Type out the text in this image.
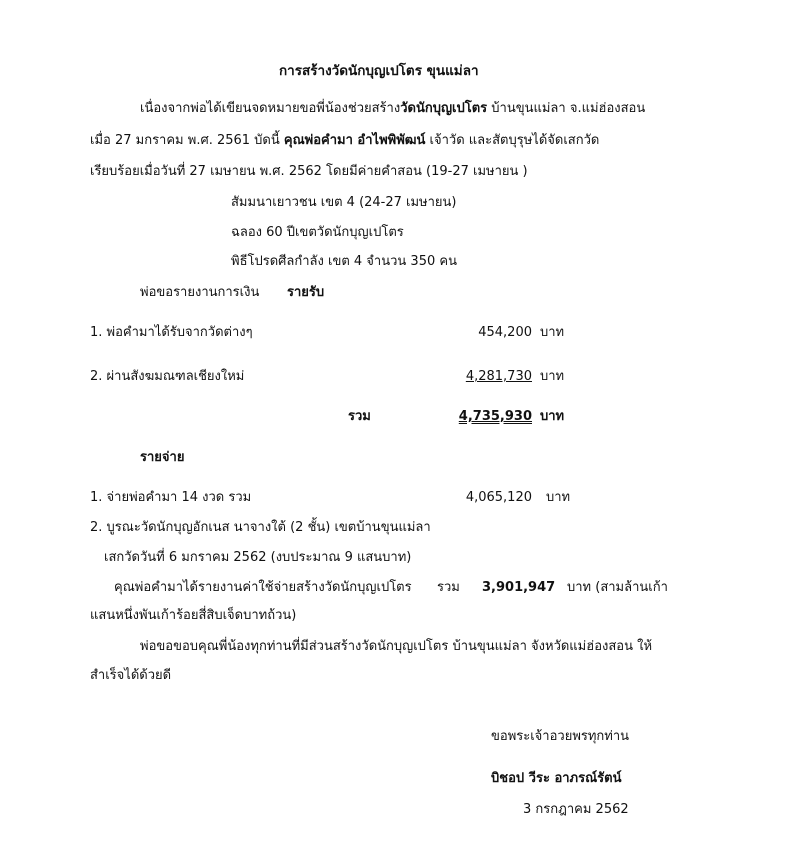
การสร้างวัดนักบุญเปโตร ขุนแม่ลา
เนื่องจากพ่อได้เขียนจดหมายขอพี่น้องช่วยสร้างวัดนักบุญเปโตร บ้านขุนแม่ลา จ.แม่ฮ่องสอน
เมื่อ 27 มกราคม พ.ศ. 2561 บัดนี้ คุณพ่อคำมา อำไพพิพัฒน์ เจ้าวัด และสัตบุรุษได้จัดเสกวัด
เรียบร้อยเมื่อวันที่ 27 เมษายน พ.ศ. 2562 โดยมีค่ายคำสอน (19-27 เมษายน )
สัมมนาเยาวชน เขต 4 (24-27 เมษายน)
ฉลอง 60 ปีเขตวัดนักบุญเปโตร
พิธีโปรดศีลกำลัง เขต 4 จำนวน 350 คน
พ่อขอรายงานการเงิน รายรับ
1. พ่อคำมาได้รับจากวัดต่างๆ	454,200 บาท
2. ผ่านสังฆมณฑลเชียงใหม่	4,281,730 บาท
รวม	4,735,930 บาท
รายจ่าย
1. จ่ายพ่อคำมา 14 งวด รวม	4,065,120 บาท
2. บูรณะวัดนักบุญอักเนส นาจางใต้ (2 ชั้น) เขตบ้านขุนแม่ลา
เสกวัดวันที่ 6 มกราคม 2562 (งบประมาณ 9 แสนบาท)
คุณพ่อคำมาได้รายงานค่าใช้จ่ายสร้างวัดนักบุญเปโตร รวม 3,901,947 บาท (สามล้านเก้า
แสนหนึ่งพันเก้าร้อยสี่สิบเจ็ดบาทถ้วน)
พ่อขอขอบคุณพี่น้องทุกท่านที่มีส่วนสร้างวัดนักบุญเปโตร บ้านขุนแม่ลา จังหวัดแม่ฮ่องสอน ให้
สำเร็จได้ด้วยดี
ขอพระเจ้าอวยพรทุกท่าน
บิชอป วีระ อาภรณ์รัตน์
3 กรกฎาคม 2562
